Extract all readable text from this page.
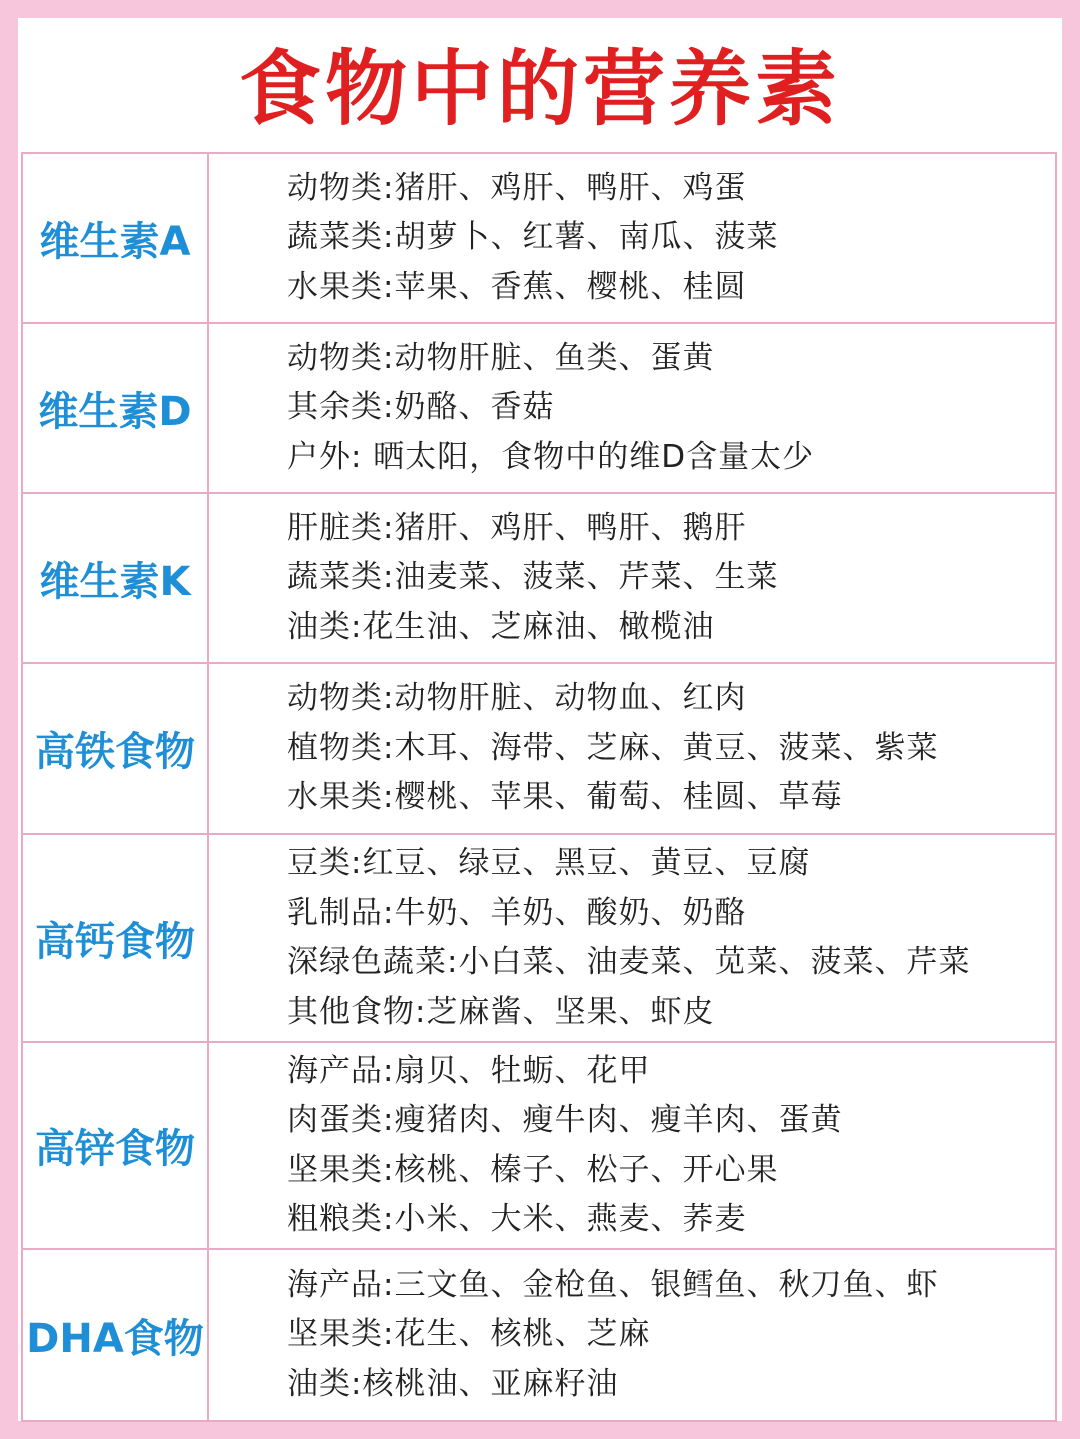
食物中的营养素
维生素A
动物类:猪肝、鸡肝、鸭肝、鸡蛋
蔬菜类:胡萝卜、红薯、南瓜、菠菜
水果类:苹果、香蕉、樱桃、桂圆
维生素D
动物类:动物肝脏、鱼类、蛋黄
其余类:奶酪、香菇
户外: 晒太阳，食物中的维D含量太少
维生素K
肝脏类:猪肝、鸡肝、鸭肝、鹅肝
蔬菜类:油麦菜、菠菜、芹菜、生菜
油类:花生油、芝麻油、橄榄油
高铁食物
动物类:动物肝脏、动物血、红肉
植物类:木耳、海带、芝麻、黄豆、菠菜、紫菜
水果类:樱桃、苹果、葡萄、桂圆、草莓
高钙食物
豆类:红豆、绿豆、黑豆、黄豆、豆腐
乳制品:牛奶、羊奶、酸奶、奶酪
深绿色蔬菜:小白菜、油麦菜、苋菜、菠菜、芹菜
其他食物:芝麻酱、坚果、虾皮
高锌食物
海产品:扇贝、牡蛎、花甲
肉蛋类:瘦猪肉、瘦牛肉、瘦羊肉、蛋黄
坚果类:核桃、榛子、松子、开心果
粗粮类:小米、大米、燕麦、荞麦
DHA食物
海产品:三文鱼、金枪鱼、银鳕鱼、秋刀鱼、虾
坚果类:花生、核桃、芝麻
油类:核桃油、亚麻籽油
